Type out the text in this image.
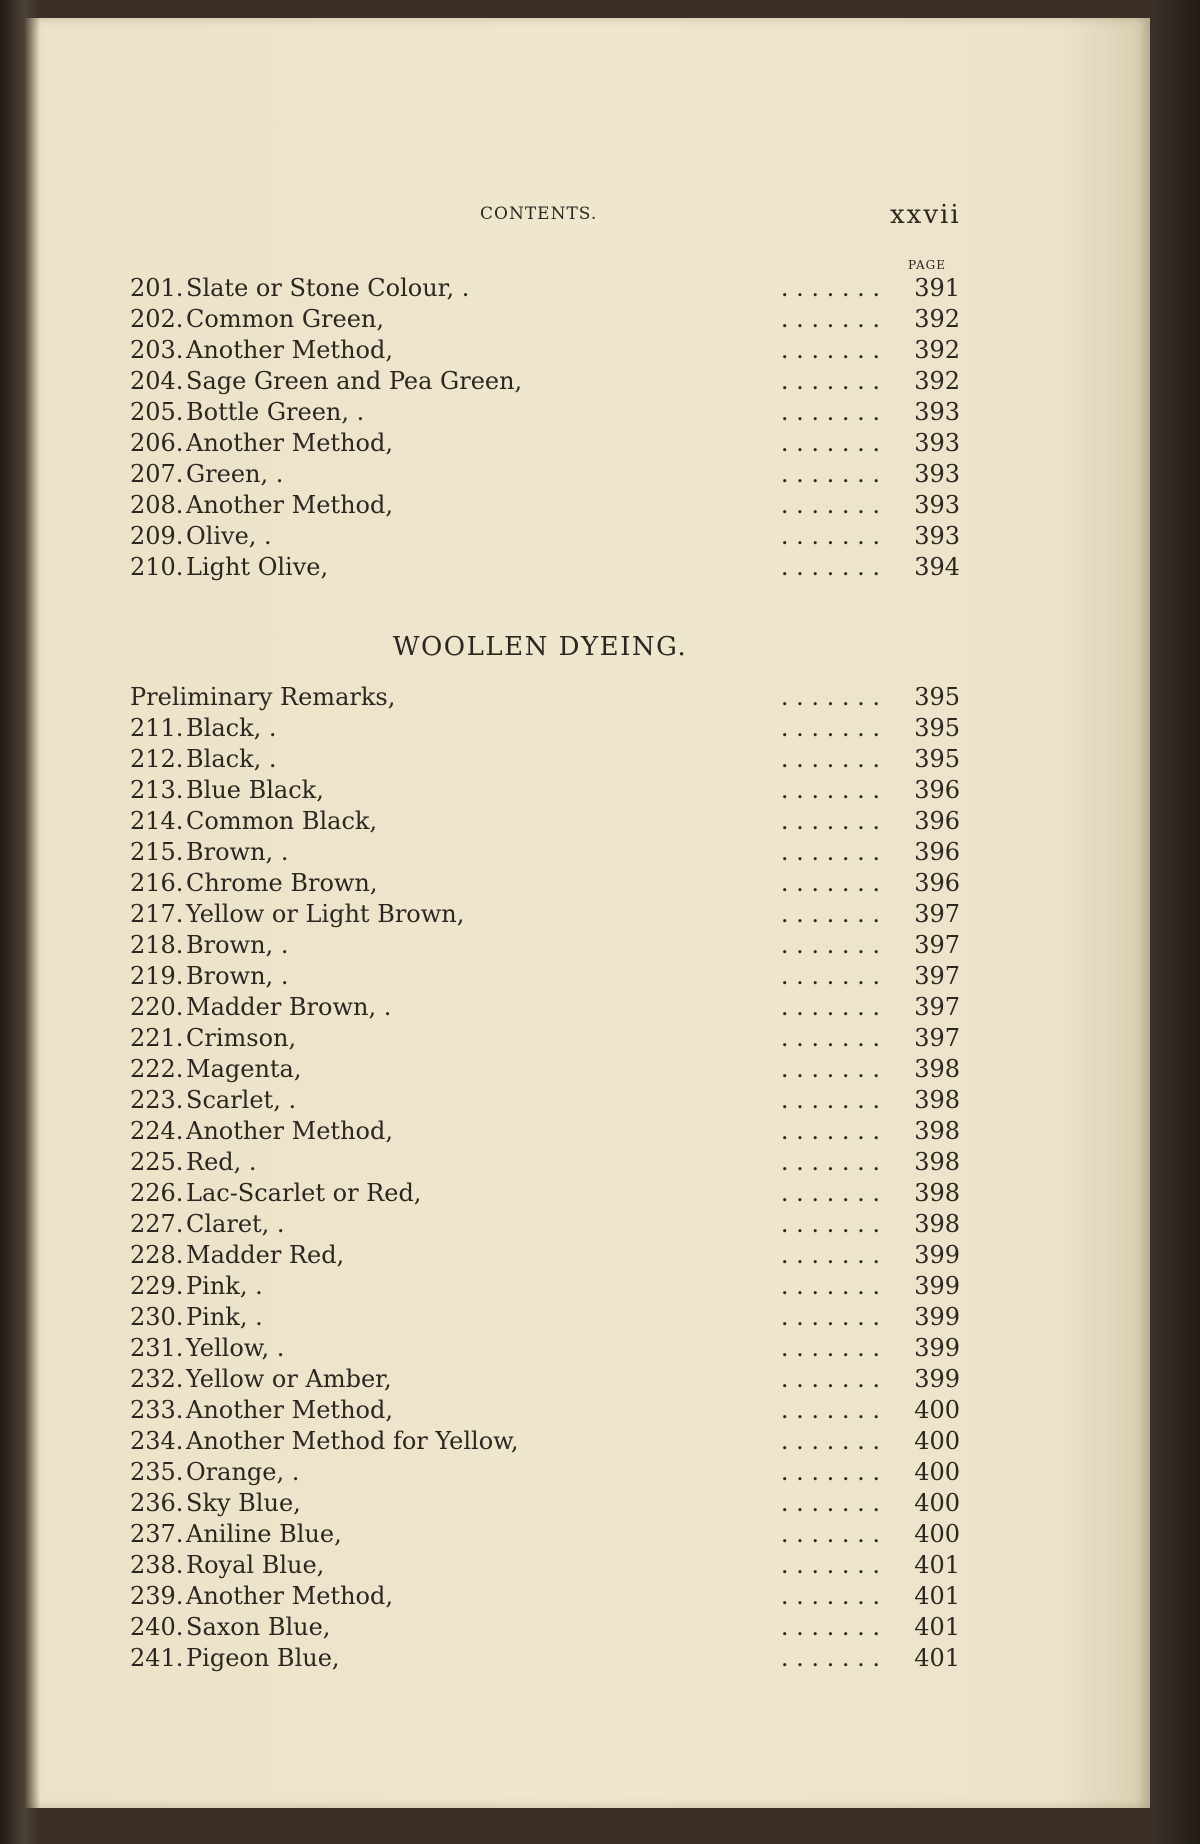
CONTENTS.	xxvii
PAGE
201. Slate or Stone Colour, .	. . . . . . .	391
202. Common Green,	. . . . . . .	392
203. Another Method,	. . . . . . .	392
204. Sage Green and Pea Green,	. . . . . . .	392
205. Bottle Green, .	. . . . . . .	393
206. Another Method,	. . . . . . .	393
207. Green, .	. . . . . . .	393
208. Another Method,	. . . . . . .	393
209. Olive, .	. . . . . . .	393
210. Light Olive,	. . . . . . .	394
WOOLLEN DYEING.
Preliminary Remarks,	. . . . . . .	395
211. Black, .	. . . . . . .	395
212. Black, .	. . . . . . .	395
213. Blue Black,	. . . . . . .	396
214. Common Black,	. . . . . . .	396
215. Brown, .	. . . . . . .	396
216. Chrome Brown,	. . . . . . .	396
217. Yellow or Light Brown,	. . . . . . .	397
218. Brown, .	. . . . . . .	397
219. Brown, .	. . . . . . .	397
220. Madder Brown, .	. . . . . . .	397
221. Crimson,	. . . . . . .	397
222. Magenta,	. . . . . . .	398
223. Scarlet, .	. . . . . . .	398
224. Another Method,	. . . . . . .	398
225. Red, .	. . . . . . .	398
226. Lac-Scarlet or Red,	. . . . . . .	398
227. Claret, .	. . . . . . .	398
228. Madder Red,	. . . . . . .	399
229. Pink, .	. . . . . . .	399
230. Pink, .	. . . . . . .	399
231. Yellow, .	. . . . . . .	399
232. Yellow or Amber,	. . . . . . .	399
233. Another Method,	. . . . . . .	400
234. Another Method for Yellow,	. . . . . . .	400
235. Orange, .	. . . . . . .	400
236. Sky Blue,	. . . . . . .	400
237. Aniline Blue,	. . . . . . .	400
238. Royal Blue,	. . . . . . .	401
239. Another Method,	. . . . . . .	401
240. Saxon Blue,	. . . . . . .	401
241. Pigeon Blue,	. . . . . . .	401
